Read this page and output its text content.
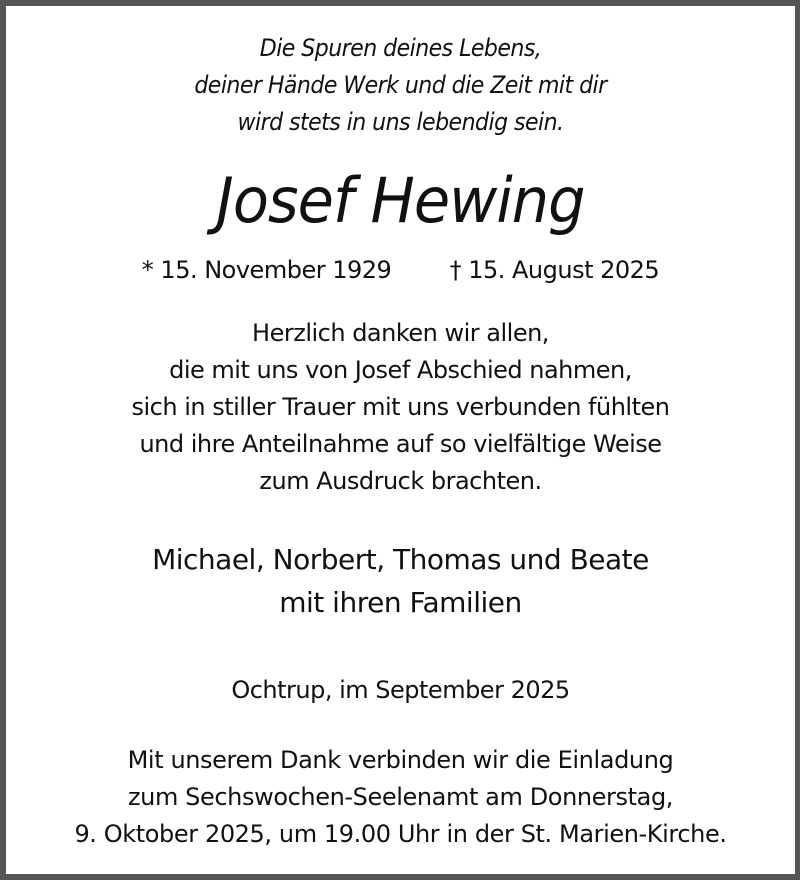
Die Spuren deines Lebens,
deiner Hände Werk und die Zeit mit dir
wird stets in uns lebendig sein.
Josef Hewing
* 15. November 1929 † 15. August 2025
Herzlich danken wir allen,
die mit uns von Josef Abschied nahmen,
sich in stiller Trauer mit uns verbunden fühlten
und ihre Anteilnahme auf so vielfältige Weise
zum Ausdruck brachten.
Michael, Norbert, Thomas und Beate
mit ihren Familien
Ochtrup, im September 2025
Mit unserem Dank verbinden wir die Einladung
zum Sechswochen-Seelenamt am Donnerstag,
9. Oktober 2025, um 19.00 Uhr in der St. Marien-Kirche.
